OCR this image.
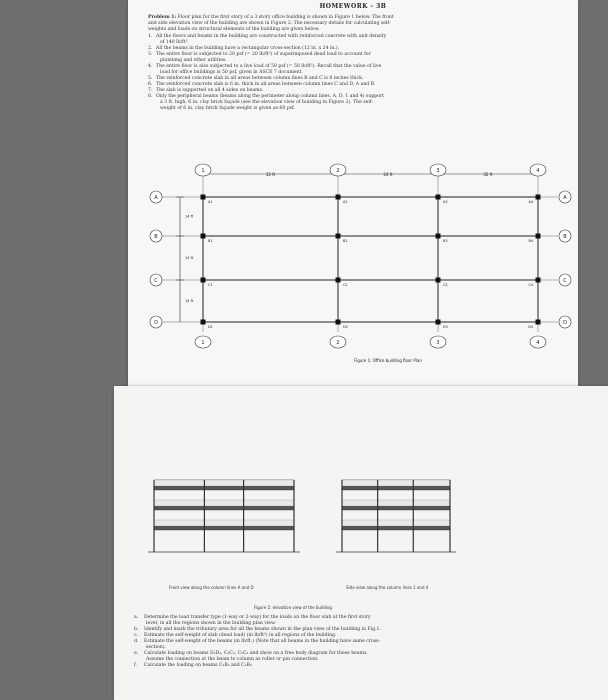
HOMEWORK - 3B
Problem 1: Floor plan for the first story of a 3 story office building is shown in Figure 1 below. The front
and side elevation view of the building are shown in Figure 2. The necessary details for calculating self-
weights and loads on structural elements of the building are given below.
1. All the floors and beams in the building are constructed with reinforced concrete with unit density
of 140 lb/ft³.
2. All the beams in the building have a rectangular cross-section (12 in. x 24 in.).
3. The entire floor is subjected to 20 psf (= 20 lb/ft²) of superimposed dead load to account for
plumbing and other utilities.
4. The entire floor is also subjected to a live load of 50 psf (= 50 lb/ft²). Recall that the value of live
load for office buildings is 50 psf, given in ASCE 7 document.
5. The reinforced concrete slab in all areas between column lines B and C is 8 inches thick.
6. The reinforced concrete slab is 6 in. thick in all areas between column lines C and D, A and B.
7. The slab is supported on all 4 sides on beams.
8. Only the peripheral beams (beams along the perimeter along column lines, A, D, 1 and 4) support
a 3 ft. high, 6 in. clay brick façade (see the elevation view of building in Figure 2). The self-
weight of 6 in. clay brick façade weight is given as 60 psf.
32 ft	24 ft	32 ft
1
1
2
2
3
3
4
4
A	A
B	B
C	C
D	D
14 ft
14 ft
14 ft
A1	A2	A3	A4
B1	B2	B3	B4
C1	C2	C3	C4
D1	D2	D3	D4
Figure 1: Office building floor Plan
Front view along the column lines A and D	Side view along the column lines 1 and 4
Figure 2: elevation view of the building
a. Determine the load transfer type (1-way or 2-way) for the loads on the floor slab at the first story
level, in all the regions shown in the building plan view.
b. Identify and mark the tributary area for all the beams shown in the plan view of the building in Fig.1.
c. Estimate the self-weight of slab (dead load) (in lb/ft²) in all regions of the building.
d. Estimate the self-weight of the beams (in lb/ft.) (Note that all beams in the building have same cross-
section).
e. Calculate loading on beams D₂D₃, C₂C₃, C₁C₂ and show on a free body diagram for these beams.
Assume the connection at the beam to column as roller or pin connection.
f. Calculate the loading on beams C₂B₂ and C₂B₃
